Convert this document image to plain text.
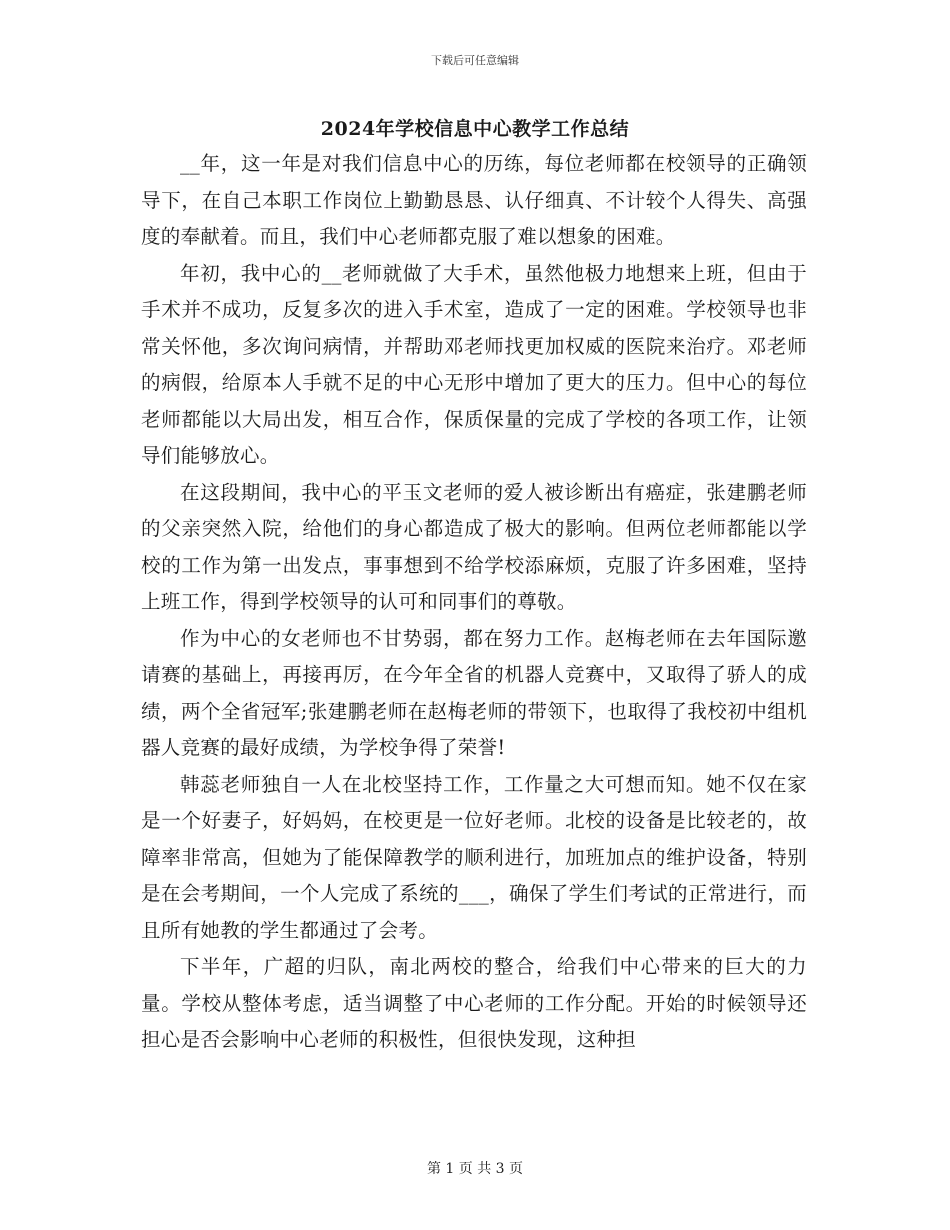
下载后可任意编辑
2024年学校信息中心教学工作总结

__年，这一年是对我们信息中心的历练，每位老师都在校领导的正确领导下，在自己本职工作岗位上勤勤恳恳、认仔细真、不计较个人得失、高强度的奉献着。而且，我们中心老师都克服了难以想象的困难。

年初，我中心的__老师就做了大手术，虽然他极力地想来上班，但由于手术并不成功，反复多次的进入手术室，造成了一定的困难。学校领导也非常关怀他，多次询问病情，并帮助邓老师找更加权威的医院来治疗。邓老师的病假，给原本人手就不足的中心无形中增加了更大的压力。但中心的每位老师都能以大局出发，相互合作，保质保量的完成了学校的各项工作，让领导们能够放心。

在这段期间，我中心的平玉文老师的爱人被诊断出有癌症，张建鹏老师的父亲突然入院，给他们的身心都造成了极大的影响。但两位老师都能以学校的工作为第一出发点，事事想到不给学校添麻烦，克服了许多困难，坚持上班工作，得到学校领导的认可和同事们的尊敬。

作为中心的女老师也不甘势弱，都在努力工作。赵梅老师在去年国际邀请赛的基础上，再接再厉，在今年全省的机器人竞赛中，又取得了骄人的成绩，两个全省冠军;张建鹏老师在赵梅老师的带领下，也取得了我校初中组机器人竞赛的最好成绩，为学校争得了荣誉!

韩蕊老师独自一人在北校坚持工作，工作量之大可想而知。她不仅在家是一个好妻子，好妈妈，在校更是一位好老师。北校的设备是比较老的，故障率非常高，但她为了能保障教学的顺利进行，加班加点的维护设备，特别是在会考期间，一个人完成了系统的___，确保了学生们考试的正常进行，而且所有她教的学生都通过了会考。

下半年，广超的归队，南北两校的整合，给我们中心带来的巨大的力量。学校从整体考虑，适当调整了中心老师的工作分配。开始的时候领导还担心是否会影响中心老师的积极性，但很快发现，这种担

第 1 页 共 3 页
